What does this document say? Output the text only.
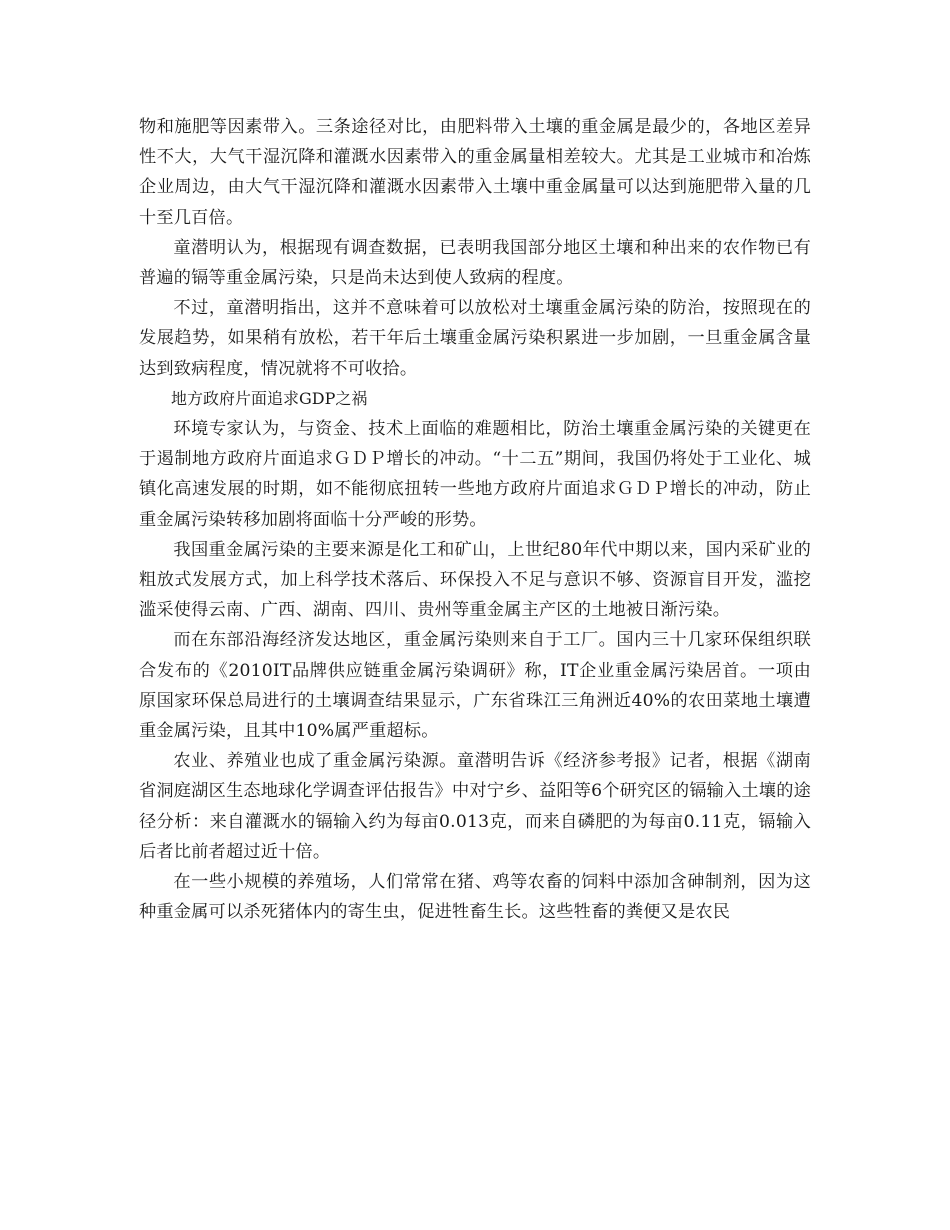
物和施肥等因素带入。三条途径对比，由肥料带入土壤的重金属是最少的，各地区差异性不大，大气干湿沉降和灌溉水因素带入的重金属量相差较大。尤其是工业城市和冶炼企业周边，由大气干湿沉降和灌溉水因素带入土壤中重金属量可以达到施肥带入量的几十至几百倍。

童潜明认为，根据现有调查数据，已表明我国部分地区土壤和种出来的农作物已有普遍的镉等重金属污染，只是尚未达到使人致病的程度。

不过，童潜明指出，这并不意味着可以放松对土壤重金属污染的防治，按照现在的发展趋势，如果稍有放松，若干年后土壤重金属污染积累进一步加剧，一旦重金属含量达到致病程度，情况就将不可收拾。

地方政府片面追求GDP之祸

环境专家认为，与资金、技术上面临的难题相比，防治土壤重金属污染的关键更在于遏制地方政府片面追求ＧＤＰ增长的冲动。“十二五”期间，我国仍将处于工业化、城镇化高速发展的时期，如不能彻底扭转一些地方政府片面追求ＧＤＰ增长的冲动，防止重金属污染转移加剧将面临十分严峻的形势。

我国重金属污染的主要来源是化工和矿山，上世纪80年代中期以来，国内采矿业的粗放式发展方式，加上科学技术落后、环保投入不足与意识不够、资源盲目开发，滥挖滥采使得云南、广西、湖南、四川、贵州等重金属主产区的土地被日渐污染。

而在东部沿海经济发达地区，重金属污染则来自于工厂。国内三十几家环保组织联合发布的《2010IT品牌供应链重金属污染调研》称，IT企业重金属污染居首。一项由原国家环保总局进行的土壤调查结果显示，广东省珠江三角洲近40%的农田菜地土壤遭重金属污染，且其中10%属严重超标。

农业、养殖业也成了重金属污染源。童潜明告诉《经济参考报》记者，根据《湖南省洞庭湖区生态地球化学调查评估报告》中对宁乡、益阳等6个研究区的镉输入土壤的途径分析：来自灌溉水的镉输入约为每亩0.013克，而来自磷肥的为每亩0.11克，镉输入后者比前者超过近十倍。

在一些小规模的养殖场，人们常常在猪、鸡等农畜的饲料中添加含砷制剂，因为这种重金属可以杀死猪体内的寄生虫，促进牲畜生长。这些牲畜的粪便又是农民
